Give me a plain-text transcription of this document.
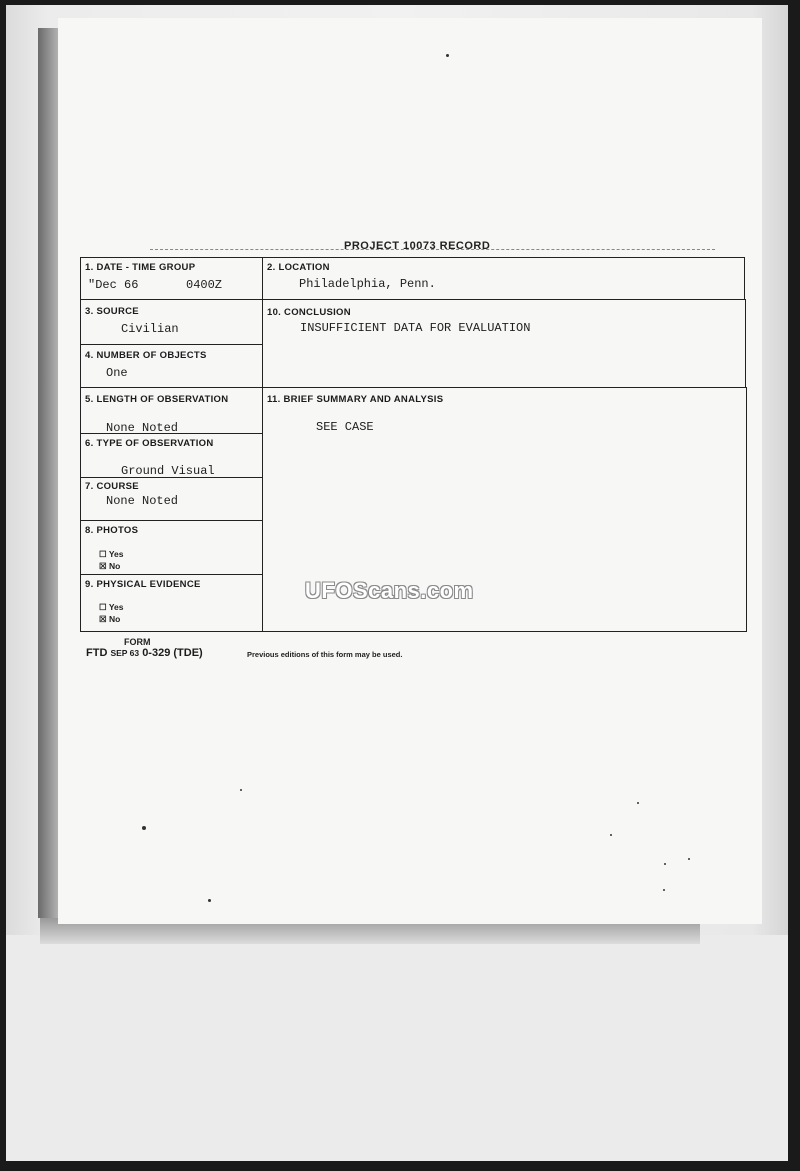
PROJECT 10073 RECORD
1. DATE - TIME GROUP
"Dec 66	0400Z
2. LOCATION
Philadelphia, Penn.
3. SOURCE
Civilian
4. NUMBER OF OBJECTS
One
10. CONCLUSION
INSUFFICIENT DATA FOR EVALUATION
5. LENGTH OF OBSERVATION
None Noted
11. BRIEF SUMMARY AND ANALYSIS
SEE CASE
6. TYPE OF OBSERVATION
Ground Visual
7. COURSE
None Noted
8. PHOTOS
☐ Yes
☒ No
9. PHYSICAL EVIDENCE
☐ Yes
☒ No
UFOScans.com
FORM
FTD SEP 63 0-329 (TDE)	Previous editions of this form may be used.
